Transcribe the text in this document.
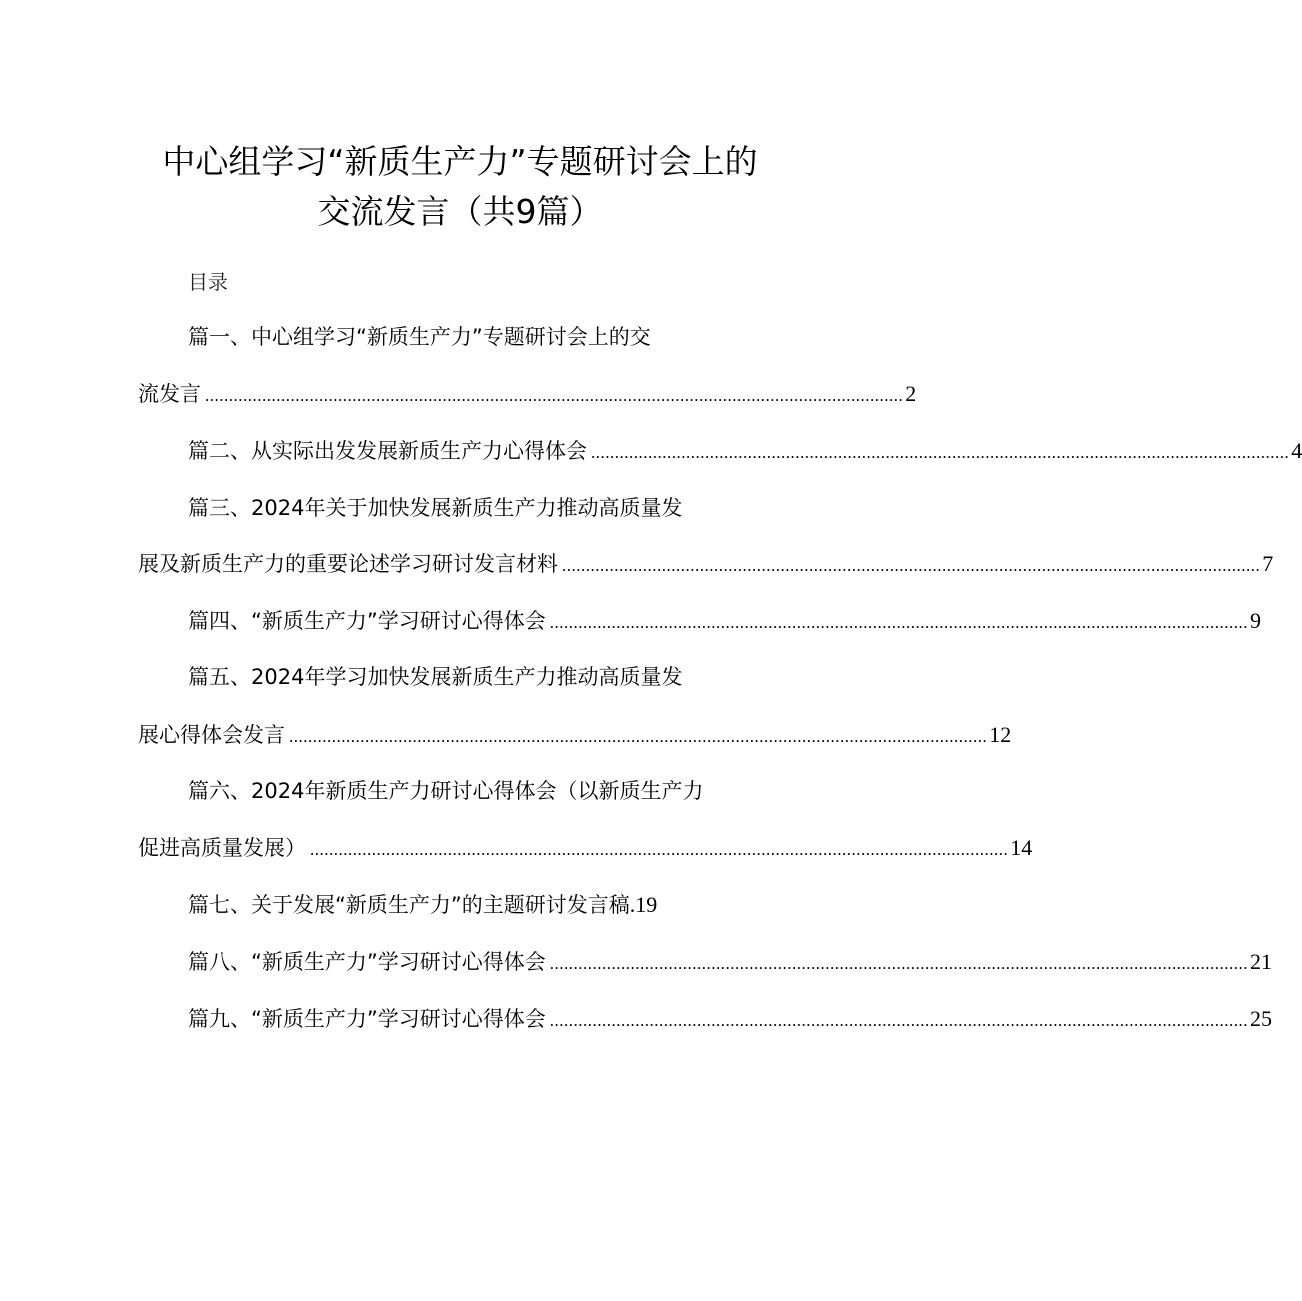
中心组学习“新质生产力”专题研讨会上的
交流发言（共9篇）
目录
篇一、中心组学习“新质生产力”专题研讨会上的交
流发言 ................................................................................................................................................... 2
篇二、从实际出发发展新质生产力心得体会 ................................................................................................................................................... 4
篇三、2024年关于加快发展新质生产力推动高质量发
展及新质生产力的重要论述学习研讨发言材料 ................................................................................................................................................... 7
篇四、“新质生产力”学习研讨心得体会 ................................................................................................................................................... 9
篇五、2024年学习加快发展新质生产力推动高质量发
展心得体会发言 ................................................................................................................................................... 12
篇六、2024年新质生产力研讨心得体会（以新质生产力
促进高质量发展） ................................................................................................................................................... 14
篇七、关于发展“新质生产力”的主题研讨发言稿 .19
篇八、“新质生产力”学习研讨心得体会 ................................................................................................................................................... 21
篇九、“新质生产力”学习研讨心得体会 ................................................................................................................................................... 25
